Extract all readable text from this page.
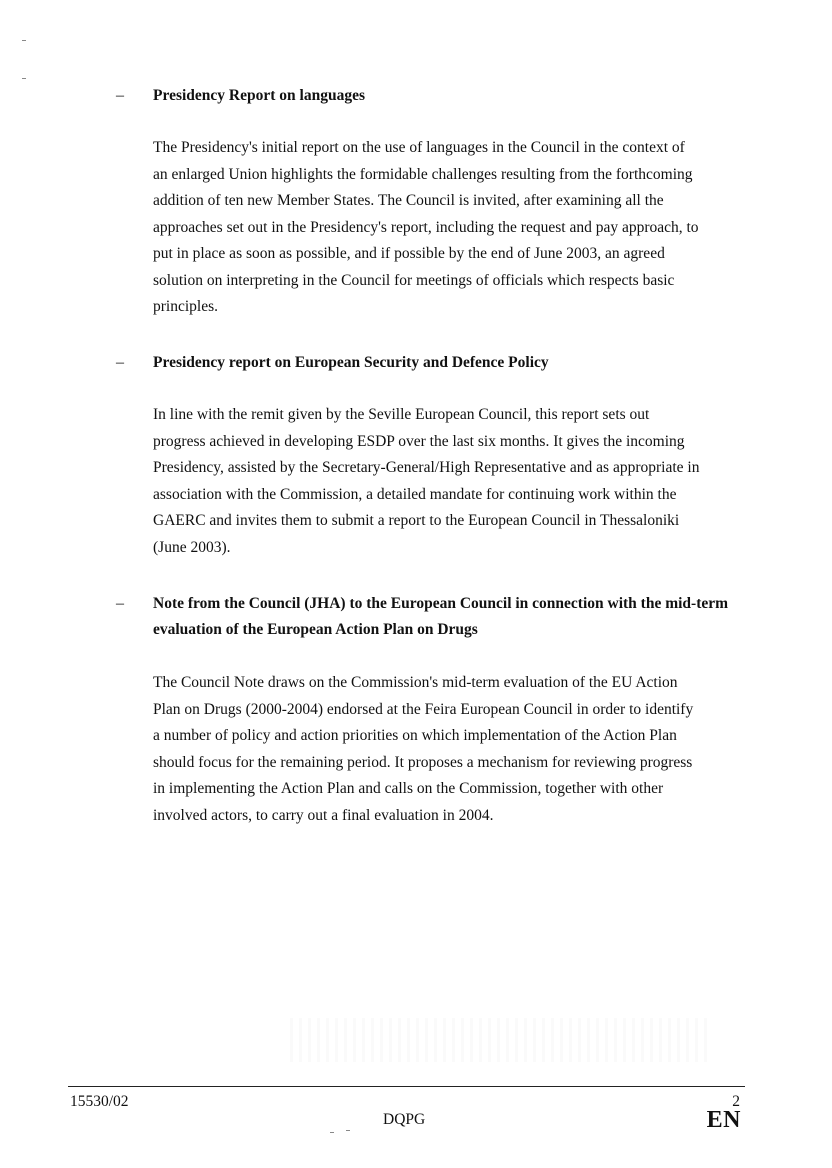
– Presidency Report on languages

The Presidency's initial report on the use of languages in the Council in the context of
an enlarged Union highlights the formidable challenges resulting from the forthcoming
addition of ten new Member States. The Council is invited, after examining all the
approaches set out in the Presidency's report, including the request and pay approach, to
put in place as soon as possible, and if possible by the end of June 2003, an agreed
solution on interpreting in the Council for meetings of officials which respects basic
principles.

– Presidency report on European Security and Defence Policy

In line with the remit given by the Seville European Council, this report sets out
progress achieved in developing ESDP over the last six months. It gives the incoming
Presidency, assisted by the Secretary-General/High Representative and as appropriate in
association with the Commission, a detailed mandate for continuing work within the
GAERC and invites them to submit a report to the European Council in Thessaloniki
(June 2003).

– Note from the Council (JHA) to the European Council in connection with the mid-term evaluation of the European Action Plan on Drugs

The Council Note draws on the Commission's mid-term evaluation of the EU Action
Plan on Drugs (2000-2004) endorsed at the Feira European Council in order to identify
a number of policy and action priorities on which implementation of the Action Plan
should focus for the remaining period. It proposes a mechanism for reviewing progress
in implementing the Action Plan and calls on the Commission, together with other
involved actors, to carry out a final evaluation in 2004.

15530/02	2
DQPG	EN
